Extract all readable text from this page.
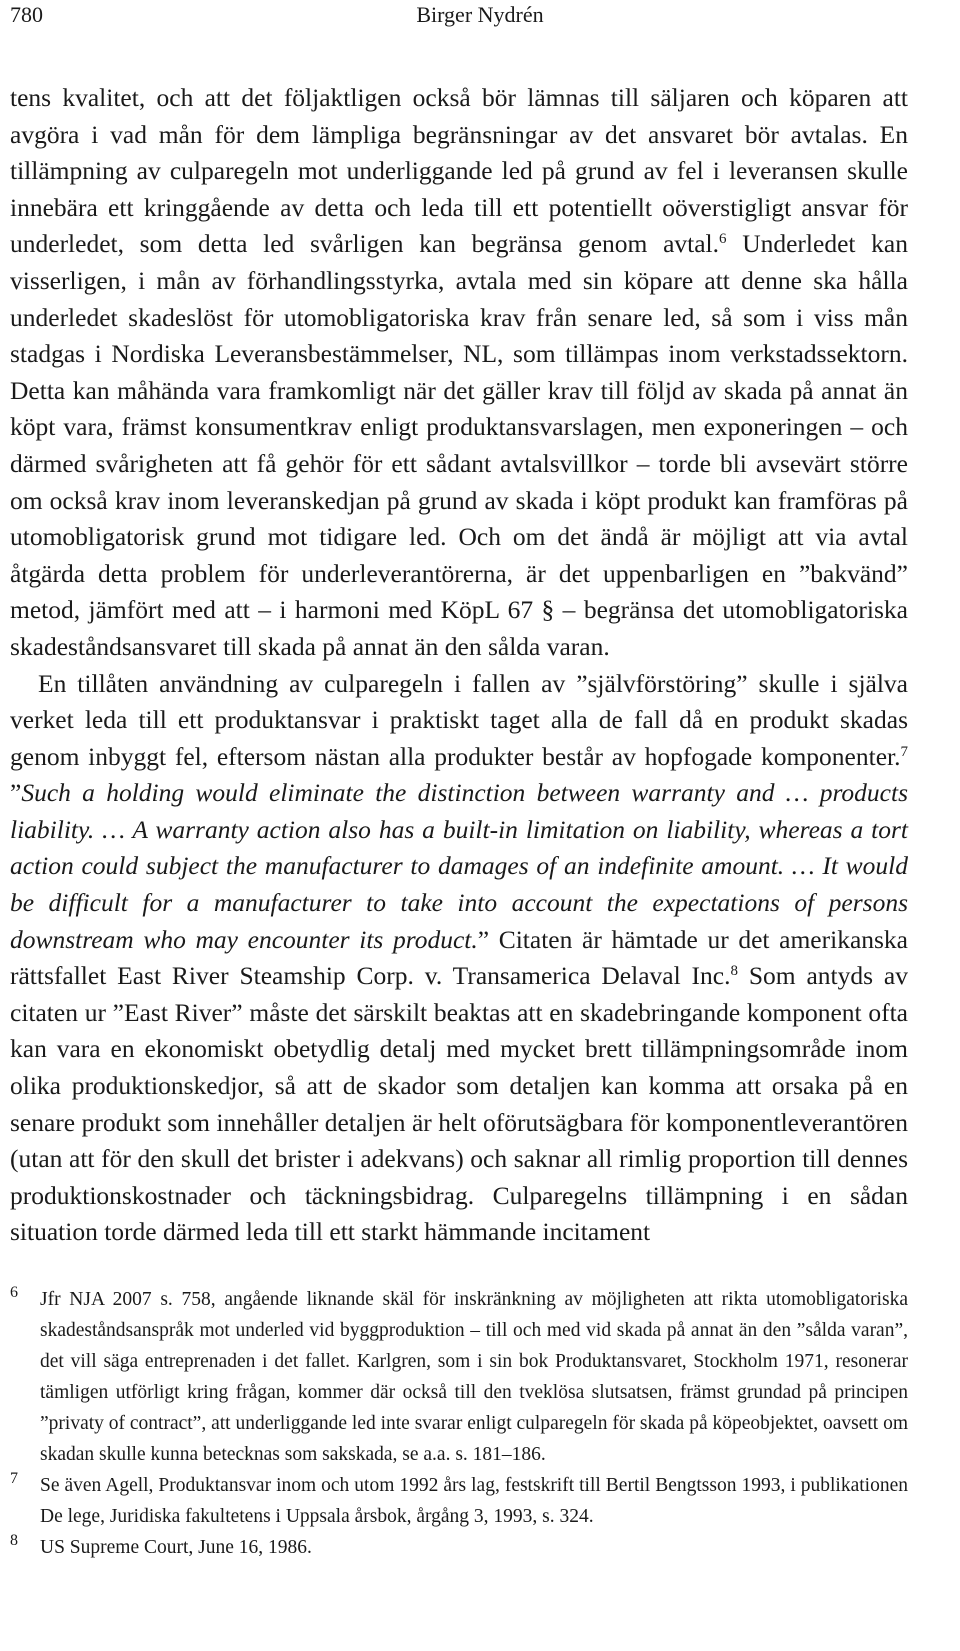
780	Birger Nydrén

tens kvalitet, och att det följaktligen också bör lämnas till säljaren och köparen att avgöra i vad mån för dem lämpliga begränsningar av det ansvaret bör avtalas. En tillämpning av culparegeln mot underliggande led på grund av fel i leveransen skulle innebära ett kringgående av detta och leda till ett potentiellt oöverstigligt ansvar för underledet, som detta led svårligen kan begränsa genom avtal.$^6$ Underledet kan visserligen, i mån av förhandlingsstyrka, avtala med sin köpare att denne ska hålla underledet skadeslöst för utomobligatoriska krav från senare led, så som i viss mån stadgas i Nordiska Leveransbestämmelser, NL, som tillämpas inom verkstadssektorn. Detta kan måhända vara framkomligt när det gäller krav till följd av skada på annat än köpt vara, främst konsumentkrav enligt produktansvarslagen, men exponeringen – och därmed svårigheten att få gehör för ett sådant avtalsvillkor – torde bli avsevärt större om också krav inom leveranskedjan på grund av skada i köpt produkt kan framföras på utomobligatorisk grund mot tidigare led. Och om det ändå är möjligt att via avtal åtgärda detta problem för underleverantörerna, är det uppenbarligen en ”bakvänd” metod, jämfört med att – i harmoni med KöpL 67 § – begränsa det utomobligatoriska skadeståndsansvaret till skada på annat än den sålda varan.

En tillåten användning av culparegeln i fallen av ”självförstöring” skulle i själva verket leda till ett produktansvar i praktiskt taget alla de fall då en produkt skadas genom inbyggt fel, eftersom nästan alla produkter består av hopfogade komponenter.$^7$ ”Such a holding would eliminate the distinction between warranty and … products liability. … A warranty action also has a built-in limitation on liability, whereas a tort action could subject the manufacturer to damages of an indefinite amount. … It would be difficult for a manufacturer to take into account the expectations of persons downstream who may encounter its product.” Citaten är hämtade ur det amerikanska rättsfallet East River Steamship Corp. v. Transamerica Delaval Inc.$^8$ Som antyds av citaten ur ”East River” måste det särskilt beaktas att en skadebringande komponent ofta kan vara en ekonomiskt obetydlig detalj med mycket brett tillämpningsområde inom olika produktionskedjor, så att de skador som detaljen kan komma att orsaka på en senare produkt som innehåller detaljen är helt oförutsägbara för komponentleverantören (utan att för den skull det brister i adekvans) och saknar all rimlig proportion till dennes produktionskostnader och täckningsbidrag. Culparegelns tillämpning i en sådan situation torde därmed leda till ett starkt hämmande incitament

6 Jfr NJA 2007 s. 758, angående liknande skäl för inskränkning av möjligheten att rikta utomobligatoriska skadeståndsanspråk mot underled vid byggproduktion – till och med vid skada på annat än den ”sålda varan”, det vill säga entreprenaden i det fallet. Karlgren, som i sin bok Produktansvaret, Stockholm 1971, resonerar tämligen utförligt kring frågan, kommer där också till den tveklösa slutsatsen, främst grundad på principen ”privaty of contract”, att underliggande led inte svarar enligt culparegeln för skada på köpeobjektet, oavsett om skadan skulle kunna betecknas som sakskada, se a.a. s. 181–186.

7 Se även Agell, Produktansvar inom och utom 1992 års lag, festskrift till Bertil Bengtsson 1993, i publikationen De lege, Juridiska fakultetens i Uppsala årsbok, årgång 3, 1993, s. 324.

8 US Supreme Court, June 16, 1986.
